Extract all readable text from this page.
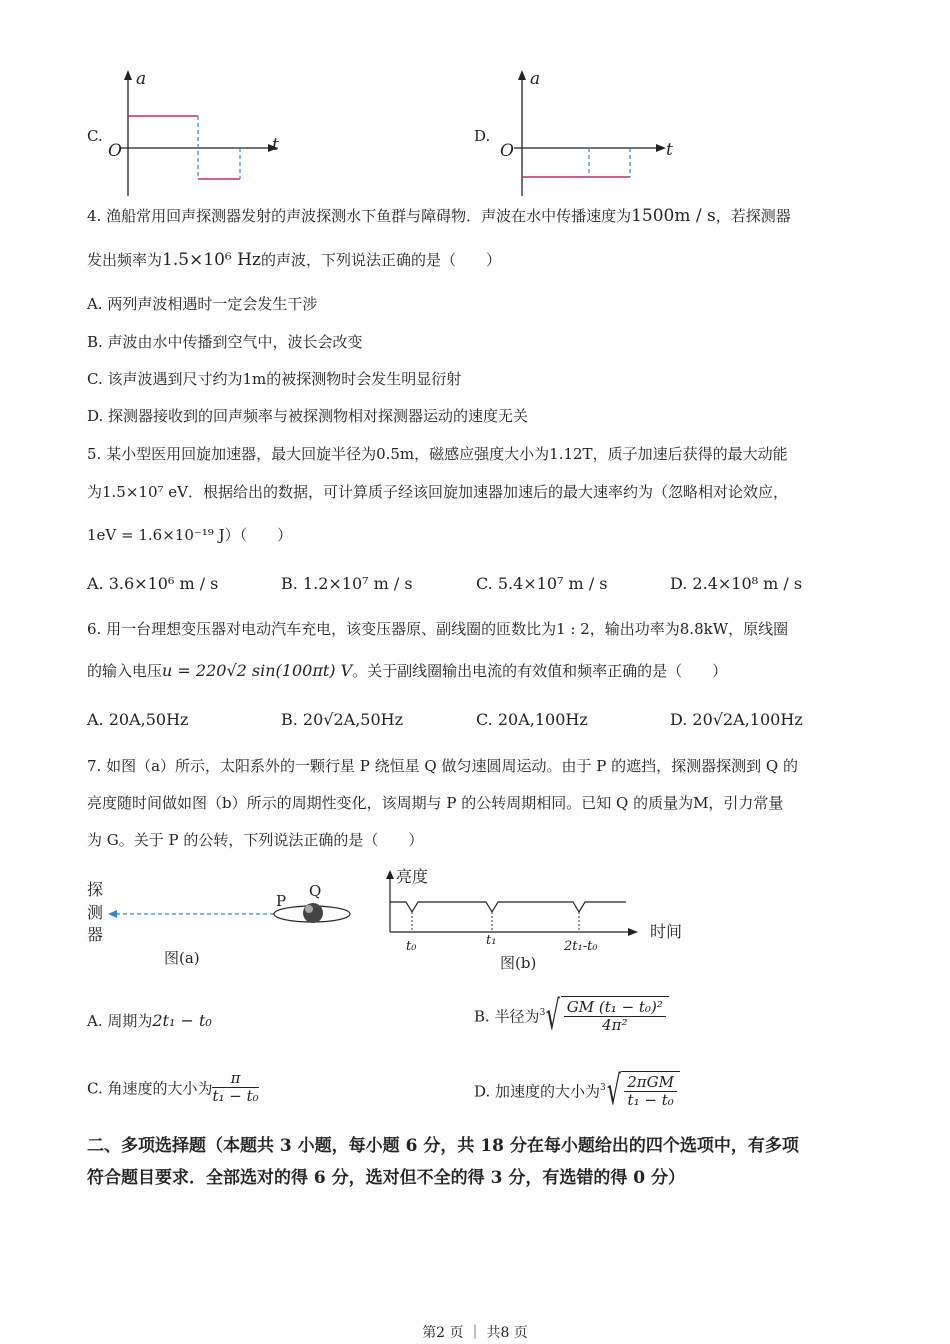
C.
a
t
O
D.
a
t
O
4. 渔船常用回声探测器发射的声波探测水下鱼群与障碍物．声波在水中传播速度为1500m / s，若探测器
发出频率为1.5×10⁶ Hz的声波，下列说法正确的是（　　）
A. 两列声波相遇时一定会发生干涉
B. 声波由水中传播到空气中，波长会改变
C. 该声波遇到尺寸约为1m的被探测物时会发生明显衍射
D. 探测器接收到的回声频率与被探测物相对探测器运动的速度无关
5. 某小型医用回旋加速器，最大回旋半径为0.5m，磁感应强度大小为1.12T，质子加速后获得的最大动能
为1.5×10⁷ eV．根据给出的数据，可计算质子经该回旋加速器加速后的最大速率约为（忽略相对论效应，
1eV = 1.6×10⁻¹⁹ J）（　　）
A. 3.6×10⁶ m / s	B. 1.2×10⁷ m / s	C. 5.4×10⁷ m / s	D. 2.4×10⁸ m / s
6. 用一台理想变压器对电动汽车充电，该变压器原、副线圈的匝数比为1 : 2，输出功率为8.8kW，原线圈
的输入电压u = 220√2 sin(100πt) V。关于副线圈输出电流的有效值和频率正确的是（　　）
A. 20A,50Hz	B. 20√2A,50Hz	C. 20A,100Hz	D. 20√2A,100Hz
7. 如图（a）所示，太阳系外的一颗行星 P 绕恒星 Q 做匀速圆周运动。由于 P 的遮挡，探测器探测到 Q 的
亮度随时间做如图（b）所示的周期性变化，该周期与 P 的公转周期相同。已知 Q 的质量为M，引力常量
为 G。关于 P 的公转，下列说法正确的是（　　）
探
测
器
P
Q
图(a)
亮度
时间
t₀	t₁	2t₁-t₀
图(b)
A. 周期为2t₁ − t₀	B. 半径为$^3√ \frac{\text{GM (t₁ − t₀)²}}{\text{4π²}}$
C. 角速度的大小为 $\frac{\pi}{\text{t₁ − t₀}}$	D. 加速度的大小为$^3√ \frac{\text{2πGM}}{\text{t₁ − t₀}}$
二、多项选择题（本题共 3 小题，每小题 6 分，共 18 分在每小题给出的四个选项中，有多项
符合题目要求．全部选对的得 6 分，选对但不全的得 3 分，有选错的得 0 分）
第2 页 ｜ 共8 页
